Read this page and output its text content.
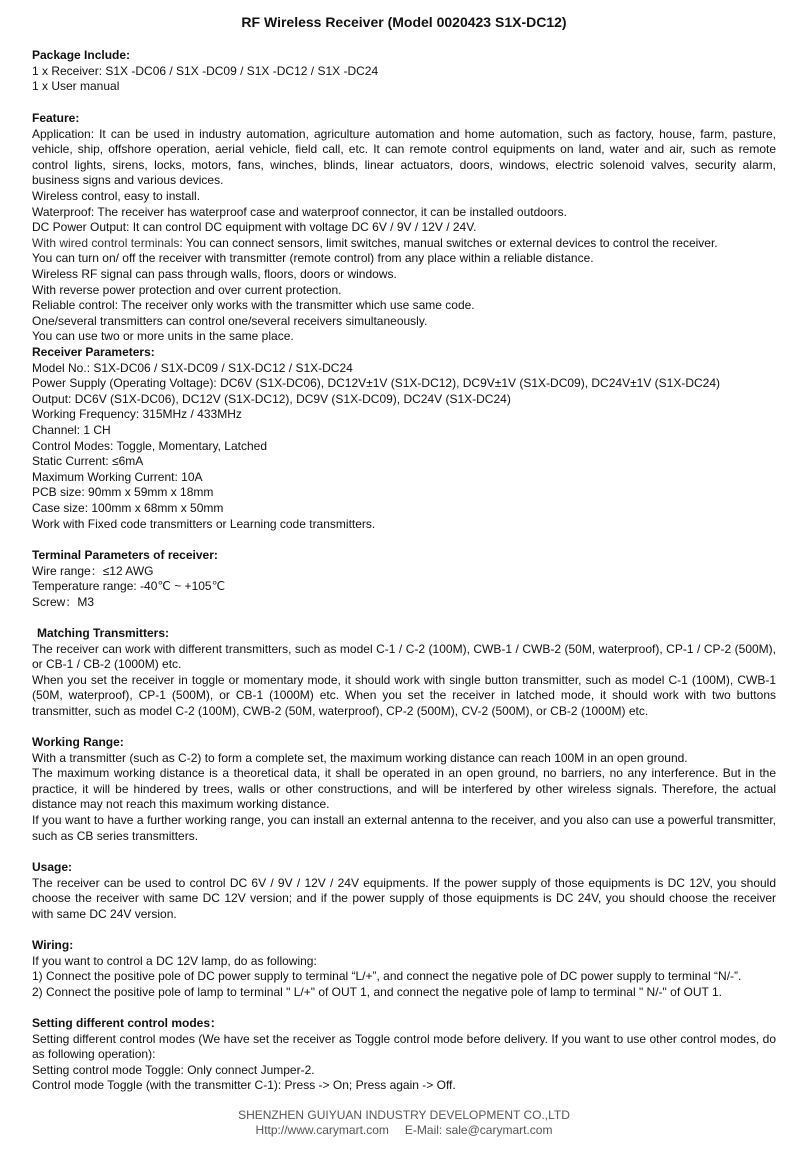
RF Wireless Receiver (Model 0020423 S1X-DC12)

Package Include:

1 x Receiver: S1X -DC06 / S1X -DC09 / S1X -DC12 / S1X -DC24

1 x User manual

Feature:

Application: It can be used in industry automation, agriculture automation and home automation, such as factory, house, farm, pasture, vehicle, ship, offshore operation, aerial vehicle, field call, etc. It can remote control equipments on land, water and air, such as remote control lights, sirens, locks, motors, fans, winches, blinds, linear actuators, doors, windows, electric solenoid valves, security alarm, business signs and various devices.

Wireless control, easy to install.

Waterproof: The receiver has waterproof case and waterproof connector, it can be installed outdoors.

DC Power Output: It can control DC equipment with voltage DC 6V / 9V / 12V / 24V.

With wired control terminals: You can connect sensors, limit switches, manual switches or external devices to control the receiver.

You can turn on/ off the receiver with transmitter (remote control) from any place within a reliable distance.

Wireless RF signal can pass through walls, floors, doors or windows.

With reverse power protection and over current protection.

Reliable control: The receiver only works with the transmitter which use same code.

One/several transmitters can control one/several receivers simultaneously.

You can use two or more units in the same place.

Receiver Parameters:

Model No.: S1X-DC06 / S1X-DC09 / S1X-DC12 / S1X-DC24

Power Supply (Operating Voltage): DC6V (S1X-DC06), DC12V±1V (S1X-DC12), DC9V±1V (S1X-DC09), DC24V±1V (S1X-DC24)

Output: DC6V (S1X-DC06), DC12V (S1X-DC12), DC9V (S1X-DC09), DC24V (S1X-DC24)

Working Frequency: 315MHz / 433MHz

Channel: 1 CH

Control Modes: Toggle, Momentary, Latched

Static Current: ≤6mA

Maximum Working Current: 10A

PCB size: 90mm x 59mm x 18mm

Case size: 100mm x 68mm x 50mm

Work with Fixed code transmitters or Learning code transmitters.

Terminal Parameters of receiver:

Wire range：≤12 AWG

Temperature range: -40℃ ~ +105℃

Screw：M3

Matching Transmitters:

The receiver can work with different transmitters, such as model C-1 / C-2 (100M), CWB-1 / CWB-2 (50M, waterproof), CP-1 / CP-2 (500M), or CB-1 / CB-2 (1000M) etc.

When you set the receiver in toggle or momentary mode, it should work with single button transmitter, such as model C-1 (100M), CWB-1 (50M, waterproof), CP-1 (500M), or CB-1 (1000M) etc. When you set the receiver in latched mode, it should work with two buttons transmitter, such as model C-2 (100M), CWB-2 (50M, waterproof), CP-2 (500M), CV-2 (500M), or CB-2 (1000M) etc.

Working Range:

With a transmitter (such as C-2) to form a complete set, the maximum working distance can reach 100M in an open ground.

The maximum working distance is a theoretical data, it shall be operated in an open ground, no barriers, no any interference. But in the practice, it will be hindered by trees, walls or other constructions, and will be interfered by other wireless signals. Therefore, the actual distance may not reach this maximum working distance.

If you want to have a further working range, you can install an external antenna to the receiver, and you also can use a powerful transmitter, such as CB series transmitters.

Usage:

The receiver can be used to control DC 6V / 9V / 12V / 24V equipments. If the power supply of those equipments is DC 12V, you should choose the receiver with same DC 12V version; and if the power supply of those equipments is DC 24V, you should choose the receiver with same DC 24V version.

Wiring:

If you want to control a DC 12V lamp, do as following:

1) Connect the positive pole of DC power supply to terminal “L/+”, and connect the negative pole of DC power supply to terminal “N/-”.

2) Connect the positive pole of lamp to terminal " L/+" of OUT 1, and connect the negative pole of lamp to terminal " N/-" of OUT 1.

Setting different control modes：

Setting different control modes (We have set the receiver as Toggle control mode before delivery. If you want to use other control modes, do as following operation):

Setting control mode Toggle: Only connect Jumper-2.

Control mode Toggle (with the transmitter C-1): Press -> On; Press again -> Off.

SHENZHEN GUIYUAN INDUSTRY DEVELOPMENT CO.,LTD
Http://www.carymart.com E-Mail: sale@carymart.com
